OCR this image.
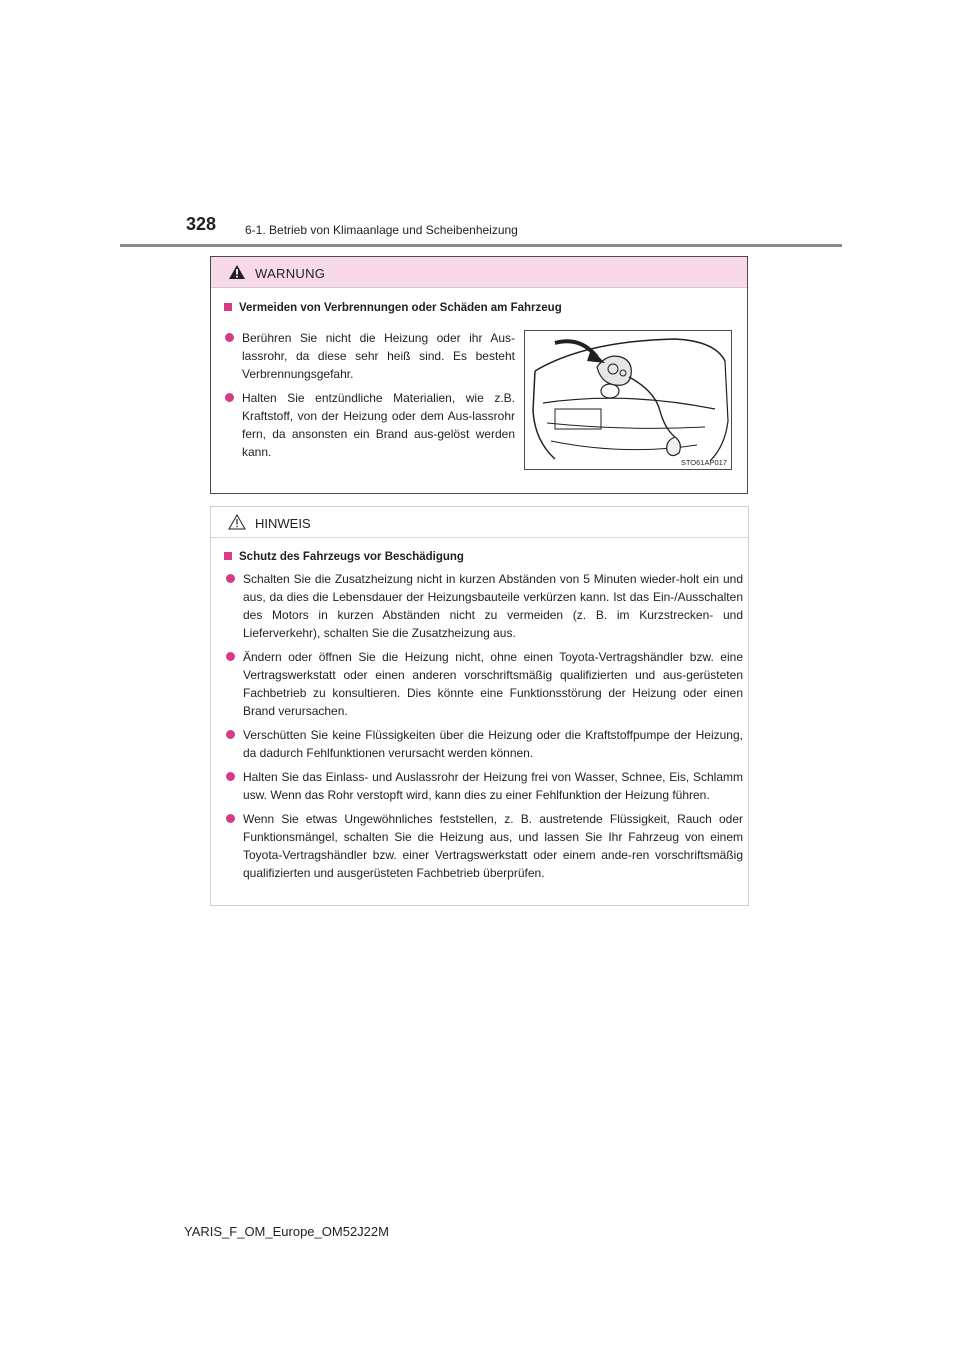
328 6-1. Betrieb von Klimaanlage und Scheibenheizung
WARNUNG
Vermeiden von Verbrennungen oder Schäden am Fahrzeug
Berühren Sie nicht die Heizung oder ihr Aus-lassrohr, da diese sehr heiß sind. Es besteht Verbrennungsgefahr.
Halten Sie entzündliche Materialien, wie z.B. Kraftstoff, von der Heizung oder dem Aus-lassrohr fern, da ansonsten ein Brand aus-gelöst werden kann.
STO61AP017
HINWEIS
Schutz des Fahrzeugs vor Beschädigung
Schalten Sie die Zusatzheizung nicht in kurzen Abständen von 5 Minuten wieder-holt ein und aus, da dies die Lebensdauer der Heizungsbauteile verkürzen kann. Ist das Ein-/Ausschalten des Motors in kurzen Abständen nicht zu vermeiden (z. B. im Kurzstrecken- und Lieferverkehr), schalten Sie die Zusatzheizung aus.
Ändern oder öffnen Sie die Heizung nicht, ohne einen Toyota-Vertragshändler bzw. eine Vertragswerkstatt oder einen anderen vorschriftsmäßig qualifizierten und aus-gerüsteten Fachbetrieb zu konsultieren. Dies könnte eine Funktionsstörung der Heizung oder einen Brand verursachen.
Verschütten Sie keine Flüssigkeiten über die Heizung oder die Kraftstoffpumpe der Heizung, da dadurch Fehlfunktionen verursacht werden können.
Halten Sie das Einlass- und Auslassrohr der Heizung frei von Wasser, Schnee, Eis, Schlamm usw. Wenn das Rohr verstopft wird, kann dies zu einer Fehlfunktion der Heizung führen.
Wenn Sie etwas Ungewöhnliches feststellen, z. B. austretende Flüssigkeit, Rauch oder Funktionsmängel, schalten Sie die Heizung aus, und lassen Sie Ihr Fahrzeug von einem Toyota-Vertragshändler bzw. einer Vertragswerkstatt oder einem ande-ren vorschriftsmäßig qualifizierten und ausgerüsteten Fachbetrieb überprüfen.
YARIS_F_OM_Europe_OM52J22M
